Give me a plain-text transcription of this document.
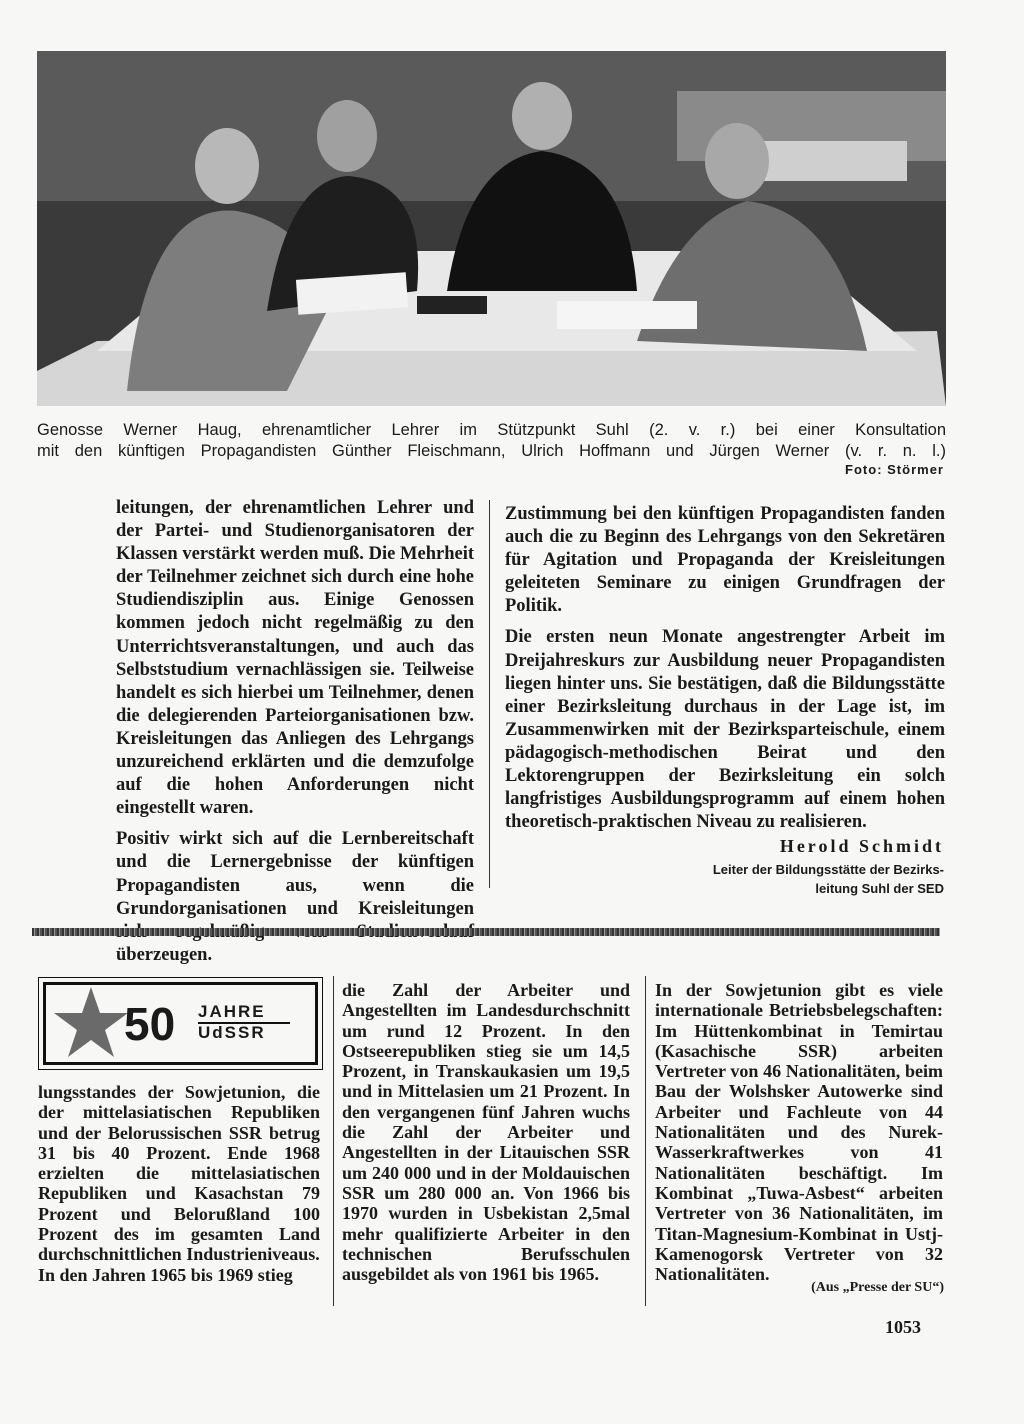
Genosse Werner Haug, ehrenamtlicher Lehrer im Stützpunkt Suhl (2. v. r.) bei einer Konsultation
mit den künftigen Propagandisten Günther Fleischmann, Ulrich Hoffmann und Jürgen Werner (v. r. n. l.)
Foto: Störmer

leitungen, der ehrenamtlichen Lehrer und der Partei- und Studienorganisatoren der Klassen verstärkt werden muß. Die Mehrheit der Teilnehmer zeichnet sich durch eine hohe Studiendisziplin aus. Einige Genossen kommen jedoch nicht regelmäßig zu den Unterrichtsveranstaltungen, und auch das Selbststudium vernachlässigen sie. Teilweise handelt es sich hierbei um Teilnehmer, denen die delegierenden Parteiorganisationen bzw. Kreisleitungen das Anliegen des Lehrgangs unzureichend erklärten und die demzufolge auf die hohen Anforderungen nicht eingestellt waren.

Positiv wirkt sich auf die Lernbereitschaft und die Lernergebnisse der künftigen Propagandisten aus, wenn die Grundorganisationen und Kreisleitungen überzeugen.

Zustimmung bei den künftigen Propagandisten fanden auch die zu Beginn des Lehrgangs von den Sekretären für Agitation und Propaganda der Kreisleitungen geleiteten Seminare zu einigen Grundfragen der Politik.

Die ersten neun Monate angestrengter Arbeit im Dreijahreskurs zur Ausbildung neuer Propagandisten liegen hinter uns. Sie bestätigen, daß die Bildungsstätte einer Bezirksleitung durchaus in der Lage ist, im Zusammenwirken mit der Bezirksparteischule, einem pädagogisch-methodischen Beirat und den Lektorengruppen der Bezirksleitung ein solch langfristiges Ausbildungsprogramm auf einem hohen theoretisch-praktischen Niveau zu realisieren.

Herold Schmidt
Leiter der Bildungsstätte der Bezirks-
leitung Suhl der SED
50 JAHRE
UdSSR
lungsstandes der Sowjetunion, die der mittelasiatischen Republiken und der Belorussischen SSR betrug 31 bis 40 Prozent. Ende 1968 erzielten die mittelasiatischen Republiken und Kasachstan 79 Prozent und Belorußland 100 Prozent des im gesamten Land durchschnittlichen Industrieniveaus.
In den Jahren 1965 bis 1969 stieg
die Zahl der Arbeiter und Angestellten im Landesdurchschnitt um rund 12 Prozent. In den Ostseerepubliken stieg sie um 14,5 Prozent, in Transkaukasien um 19,5 und in Mittelasien um 21 Prozent. In den vergangenen fünf Jahren wuchs die Zahl der Arbeiter und Angestellten in der Litauischen SSR um 240 000 und in der Moldauischen SSR um 280 000 an. Von 1966 bis 1970 wurden in Usbekistan 2,5mal mehr qualifizierte Arbeiter in den technischen Berufsschulen ausgebildet als von 1961 bis 1965.
In der Sowjetunion gibt es viele internationale Betriebsbelegschaften: Im Hüttenkombinat in Temirtau (Kasachische SSR) arbeiten Vertreter von 46 Nationalitäten, beim Bau der Wolshsker Autowerke sind Arbeiter und Fachleute von 44 Nationalitäten und des Nurek-Wasserkraftwerkes von 41 Nationalitäten beschäftigt. Im Kombinat „Tuwa-Asbest“ arbeiten Vertreter von 36 Nationalitäten, im Titan-Magnesium-Kombinat in Ustj-Kamenogorsk Vertreter von 32 Nationalitäten.
(Aus „Presse der SU“)
1053
